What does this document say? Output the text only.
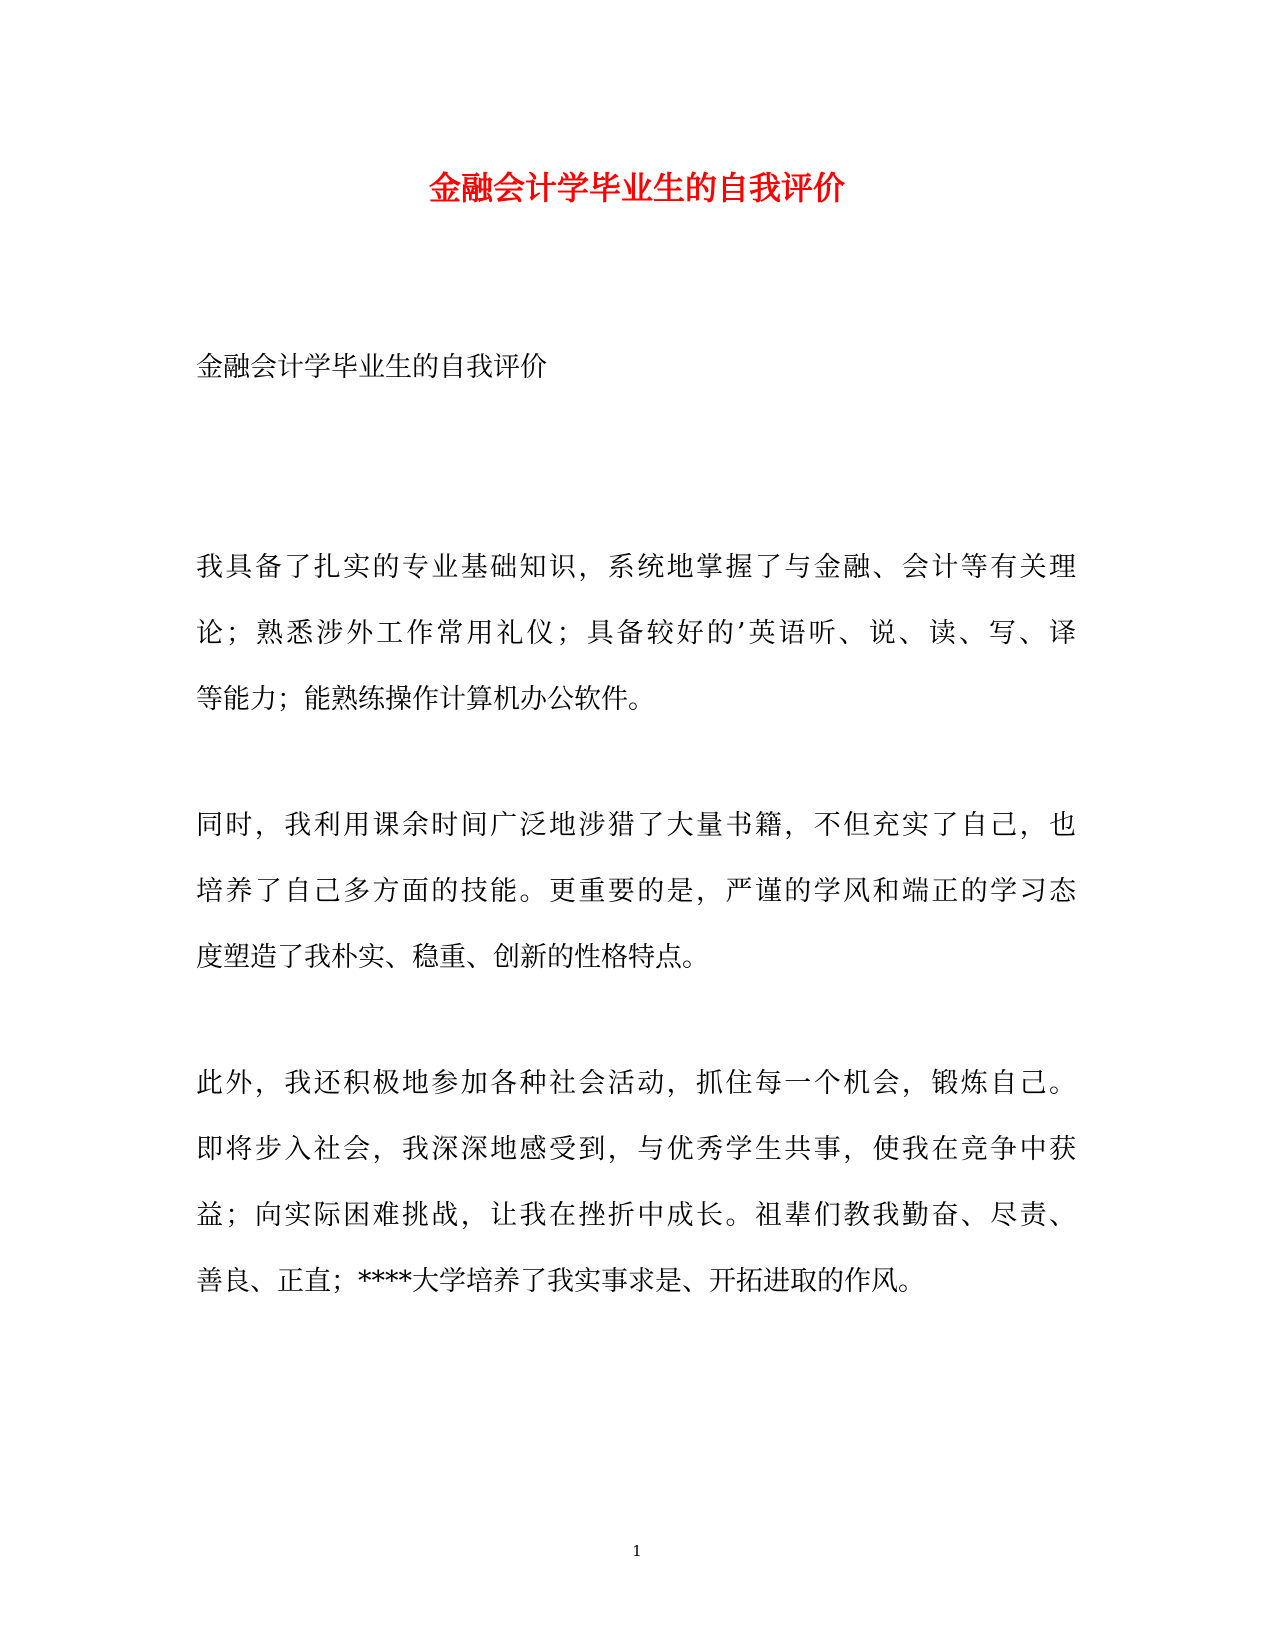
金融会计学毕业生的自我评价

金融会计学毕业生的自我评价

我具备了扎实的专业基础知识，系统地掌握了与金融、会计等有关理
论；熟悉涉外工作常用礼仪；具备较好的’英语听、说、读、写、译
等能力；能熟练操作计算机办公软件。
同时，我利用课余时间广泛地涉猎了大量书籍，不但充实了自己，也
培养了自己多方面的技能。更重要的是，严谨的学风和端正的学习态
度塑造了我朴实、稳重、创新的性格特点。
此外，我还积极地参加各种社会活动，抓住每一个机会，锻炼自己。
即将步入社会，我深深地感受到，与优秀学生共事，使我在竞争中获
益；向实际困难挑战，让我在挫折中成长。祖辈们教我勤奋、尽责、
善良、正直；****大学培养了我实事求是、开拓进取的作风。
1
